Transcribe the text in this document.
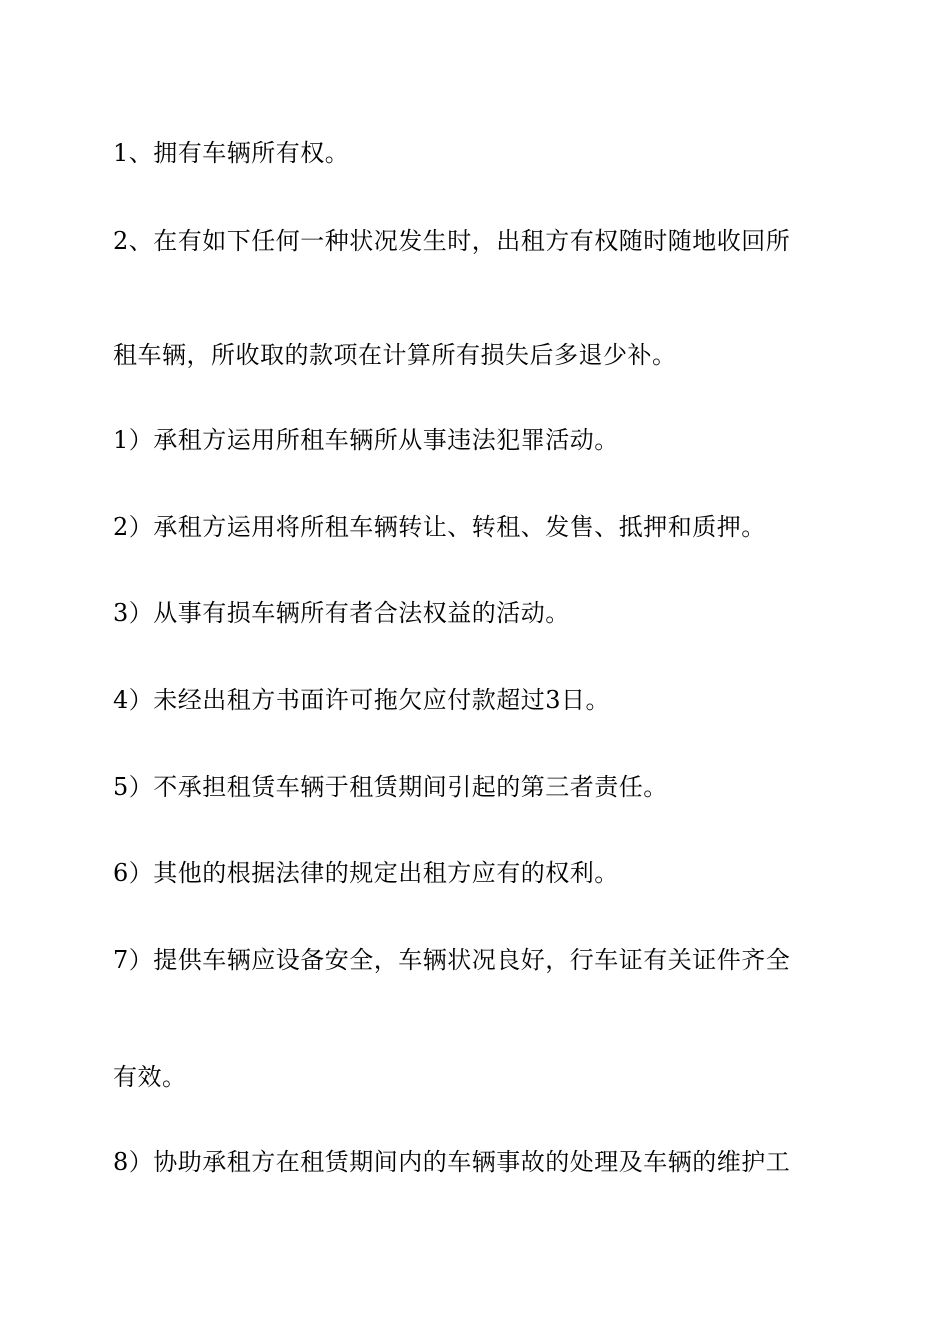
1、拥有车辆所有权。
2、在有如下任何一种状况发生时，出租方有权随时随地收回所
租车辆，所收取的款项在计算所有损失后多退少补。
1）承租方运用所租车辆所从事违法犯罪活动。
2）承租方运用将所租车辆转让、转租、发售、抵押和质押。
3）从事有损车辆所有者合法权益的活动。
4）未经出租方书面许可拖欠应付款超过3日。
5）不承担租赁车辆于租赁期间引起的第三者责任。
6）其他的根据法律的规定出租方应有的权利。
7）提供车辆应设备安全，车辆状况良好，行车证有关证件齐全
有效。
8）协助承租方在租赁期间内的车辆事故的处理及车辆的维护工
